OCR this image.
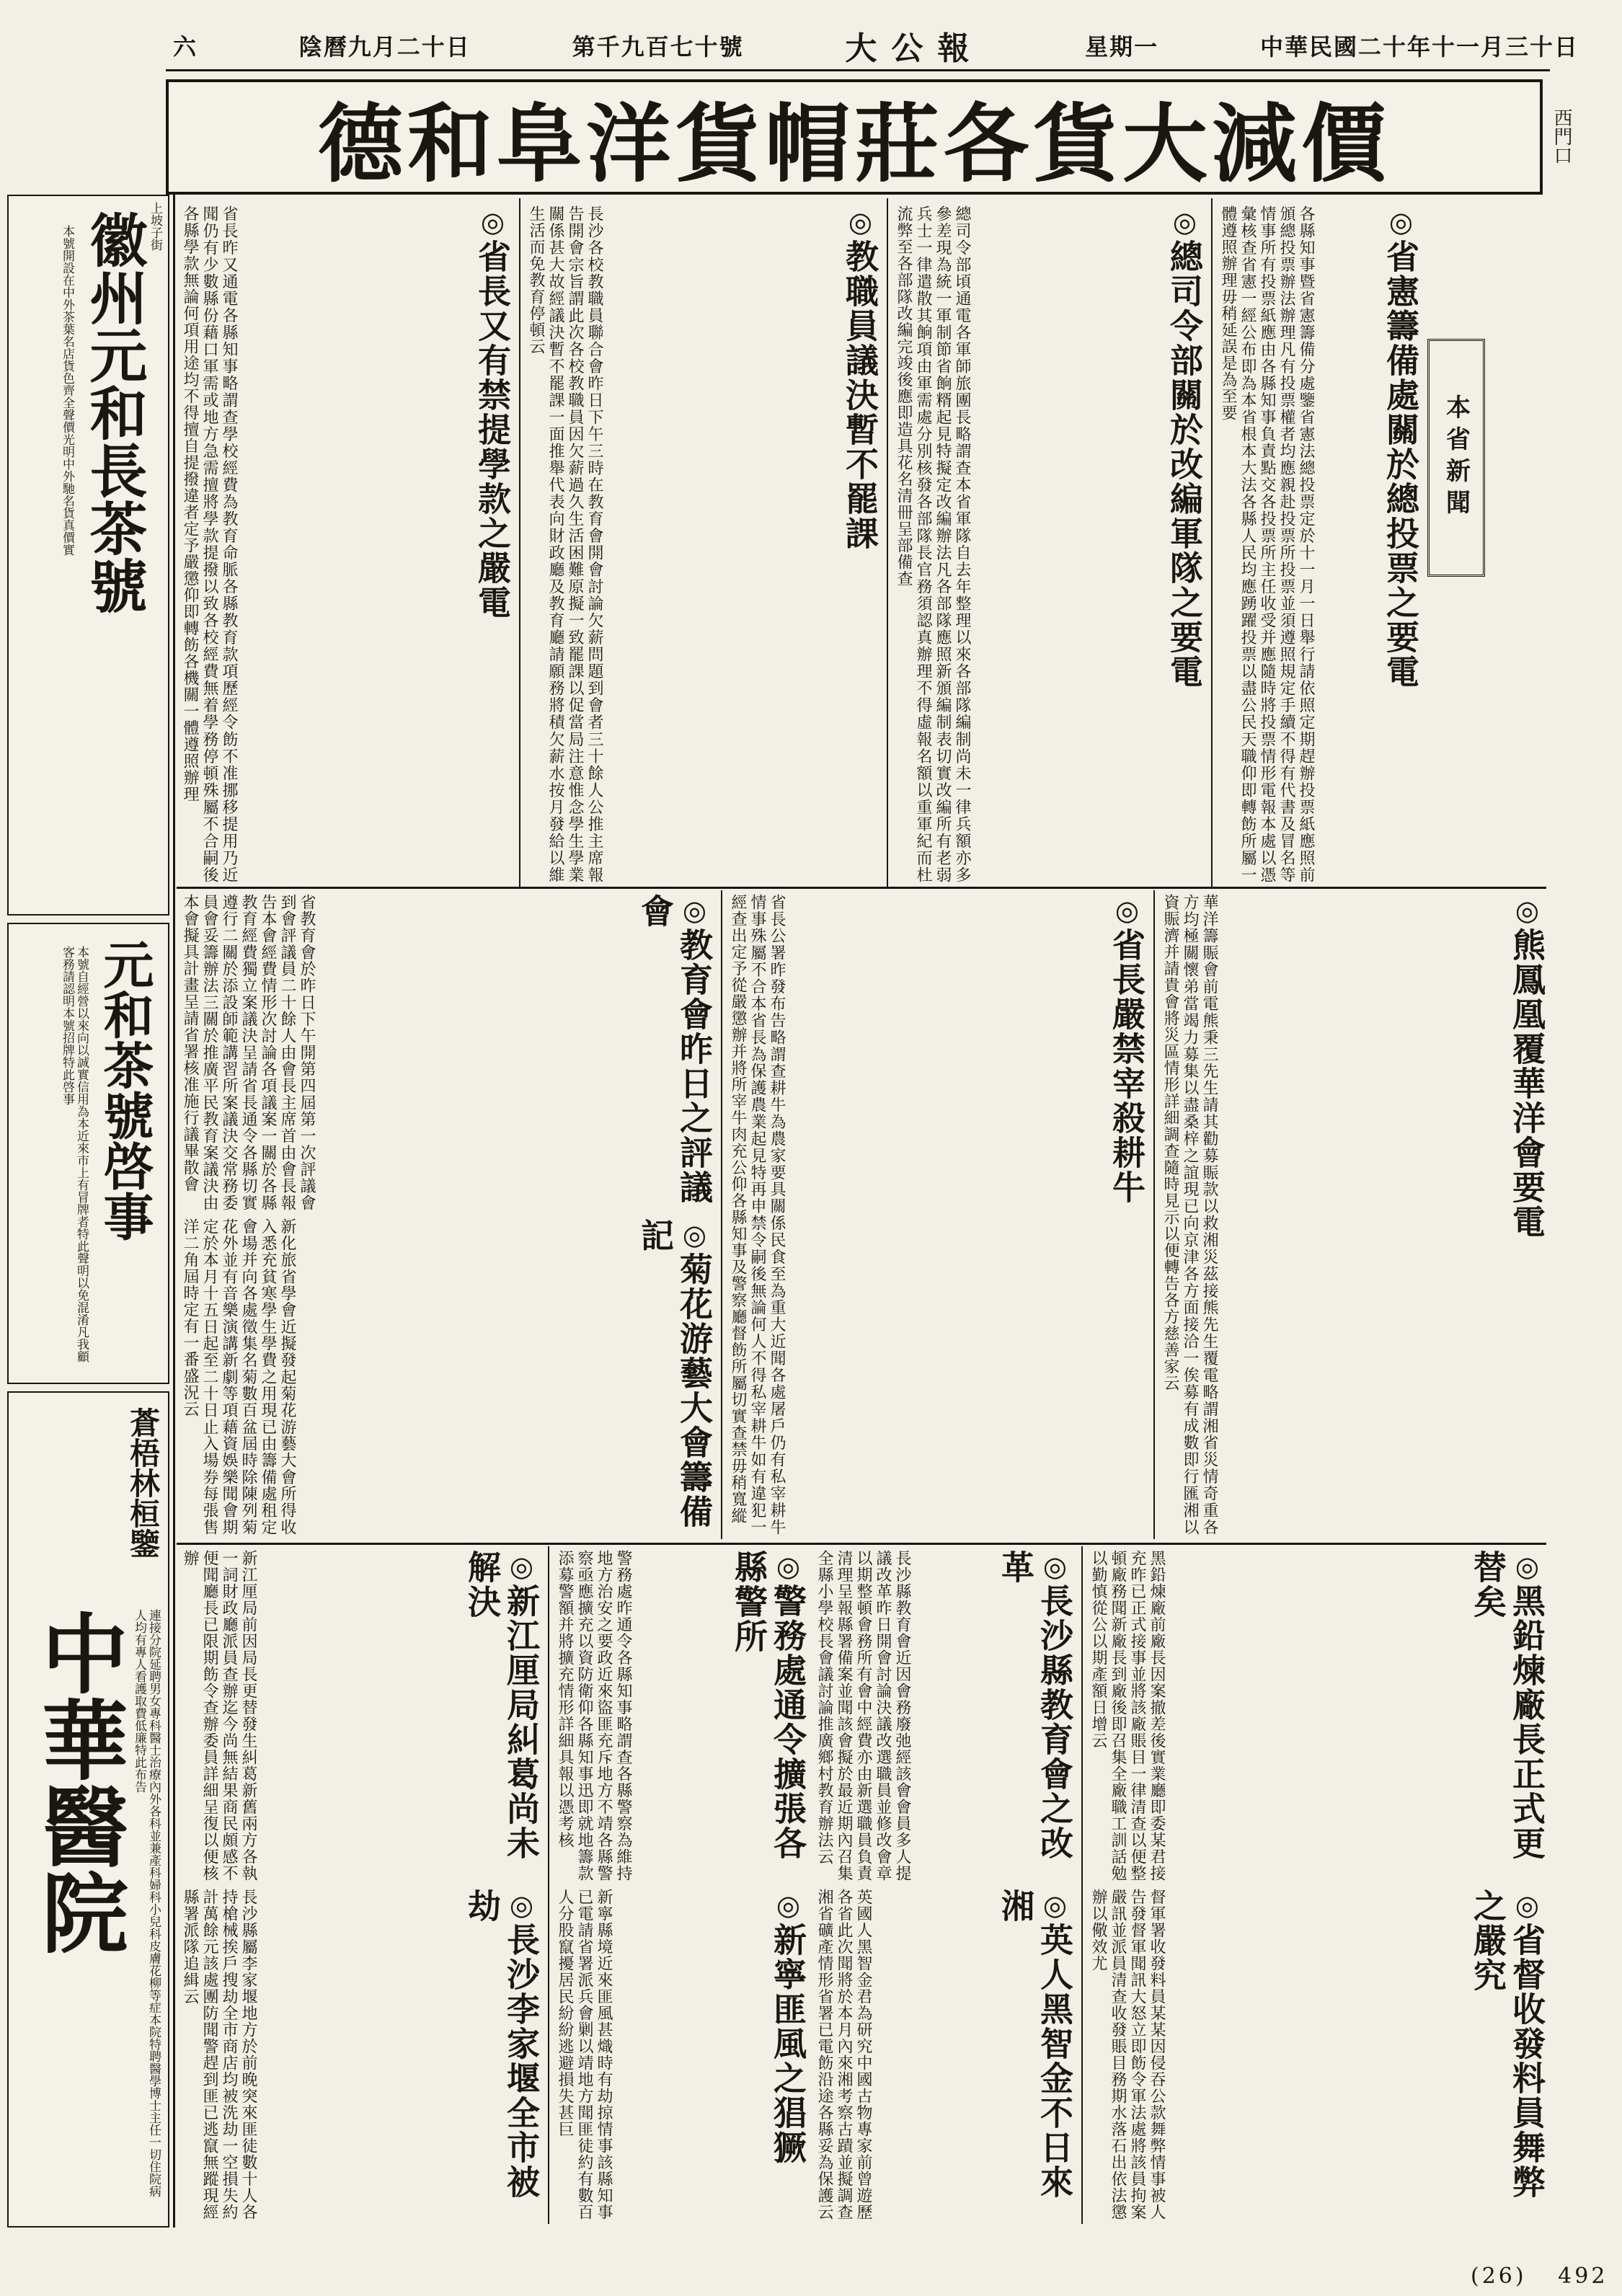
中華民國二十年十一月三十日
星期一
大公報
第千九百七十號
陰曆九月二十日
六
德和阜洋貨帽莊各貨大減價	西門口
上坡子街
徽州元和長茶號
本號開設在中外茶葉名店貨色齊全聲價光明中外馳名貨真價實
元和茶號啓事
本號自經營以來向以誠實信用為本近來市上有冒牌者特此聲明以免混淆凡我顧客務請認明本號招牌特此啓事
蒼梧林桓鑒
中華醫院	連接分院延聘男女專科醫士治療內外各科並兼產科婦科小兒科皮膚花柳等症本院特聘醫學博士主任一切住院病人均有專人看護取費低廉特此布告
本省新聞
◎省憲籌備處關於總投票之要電
各縣知事暨省憲籌備分處鑒省憲法總投票定於十一月一日舉行請依照定期趕辦投票紙應照前頒總投票辦法辦理凡有投票權者均應親赴投票所投票並須遵照規定手續不得有代書及冒名等情事所有投票紙應由各縣知事負責點交各投票所主任收受并應隨時將投票情形電報本處以憑彙核查省憲一經公布即為本省根本大法各縣人民均應踴躍投票以盡公民天職仰即轉飭所屬一體遵照辦理毋稍延誤是為至要
◎總司令部關於改編軍隊之要電
總司令部頃通電各軍師旅團長略謂查本省軍隊自去年整理以來各部隊編制尚未一律兵額亦多參差現為統一軍制節省餉糈起見特擬定改編辦法凡各部隊應照新頒編制表切實改編所有老弱兵士一律遣散其餉項由軍需處分別核發各部隊長官務須認真辦理不得虛報名額以重軍紀而杜流弊至各部隊改編完竣後應即造具花名清冊呈部備查
◎教職員議決暫不罷課
長沙各校教職員聯合會昨日下午三時在教育會開會討論欠薪問題到會者三十餘人公推主席報告開會宗旨謂此次各校教職員因欠薪過久生活困難原擬一致罷課以促當局注意惟念學生學業關係甚大故經議決暫不罷課一面推舉代表向財政廳及教育廳請願務將積欠薪水按月發給以維生活而免教育停頓云
◎省長又有禁提學款之嚴電
省長昨又通電各縣知事略謂查學校經費為教育命脈各縣教育款項歷經令飭不准挪移提用乃近聞仍有少數縣份藉口軍需或地方急需擅將學款提撥以致各校經費無着學務停頓殊屬不合嗣後各縣學款無論何項用途均不得擅自提撥違者定予嚴懲仰即轉飭各機關一體遵照辦理
◎熊鳳凰覆華洋會要電
華洋籌賑會前電熊秉三先生請其勸募賑款以救湘災茲接熊先生覆電略謂湘省災情奇重各方均極關懷弟當竭力募集以盡桑梓之誼現已向京津各方面接洽一俟募有成數即行匯湘以資賑濟并請貴會將災區情形詳細調查隨時見示以便轉告各方慈善家云
◎省長嚴禁宰殺耕牛
省長公署昨發布告略謂查耕牛為農家要具關係民食至為重大近聞各處屠戶仍有私宰耕牛情事殊屬不合本省長為保護農業起見特再申禁令嗣後無論何人不得私宰耕牛如有違犯一經查出定予從嚴懲辦并將所宰牛肉充公仰各縣知事及警察廳督飭所屬切實查禁毋稍寬縱
◎教育會昨日之評議會
省教育會於昨日下午開第四屆第一次評議會到會評議員二十餘人由會長主席首由會長報告本會經費情形次討論各項議案一關於各縣教育經費獨立案議決呈請省長通令各縣切實遵行二關於添設師範講習所案議決交常務委員會妥籌辦法三關於推廣平民教育案議決由本會擬具計畫呈請省署核准施行議畢散會
◎菊花游藝大會籌備記
新化旅省學會近擬發起菊花游藝大會所得收入悉充貧寒學生學費之用現已由籌備處租定會場并向各處徵集名菊數百盆屆時除陳列菊花外並有音樂演講新劇等項藉資娛樂聞會期定於本月十五日起至二十日止入場券每張售洋二角屆時定有一番盛況云
◎黑鉛煉廠長正式更替矣
黑鉛煉廠前廠長因案撤差後實業廳即委某君接充昨已正式接事並將該廠賬目一律清查以便整頓廠務聞新廠長到廠後即召集全廠職工訓話勉以勤慎從公以期產額日增云
◎省督收發料員舞弊之嚴究
督軍署收發料員某某因侵吞公款舞弊情事被人告發督軍聞訊大怒立即飭令軍法處將該員拘案嚴訊並派員清查收發賬目務期水落石出依法懲辦以儆效尤
◎長沙縣教育會之改革
長沙縣教育會近因會務廢弛經該會會員多人提議改革昨日開會討論決議改選職員並修改會章以期整頓會務所有會中經費亦由新選職員負責清理呈報縣署備案並聞該會擬於最近期內召集全縣小學校長會議討論推廣鄉村教育辦法云
◎警務處通令擴張各縣警所
警務處昨通令各縣知事略謂查各縣警察為維持地方治安之要政近來盜匪充斥地方不靖各縣警察亟應擴充以資防衛仰各縣知事迅即就地籌款添募警額并將擴充情形詳細具報以憑考核
◎英人黑智金不日來湘
英國人黑智金君為研究中國古物專家前曾遊歷各省此次聞將於本月內來湘考察古蹟並擬調查湘省礦產情形省署已電飭沿途各縣妥為保護云
◎新寧匪風之猖獗
新寧縣境近來匪風甚熾時有劫掠情事該縣知事已電請省署派兵會剿以靖地方聞匪徒約有數百人分股竄擾居民紛紛逃避損失甚巨
◎新江厘局糾葛尚未解決
新江厘局前因局長更替發生糾葛新舊兩方各執一詞財政廳派員查辦迄今尚無結果商民頗感不便聞廳長已限期飭令查辦委員詳細呈復以便核辦
◎長沙李家堰全市被劫
長沙縣屬李家堰地方於前晚突來匪徒數十人各持槍械挨戶搜劫全市商店均被洗劫一空損失約計萬餘元該處團防聞警趕到匪已逃竄無蹤現經縣署派隊追緝云
(26) 492
